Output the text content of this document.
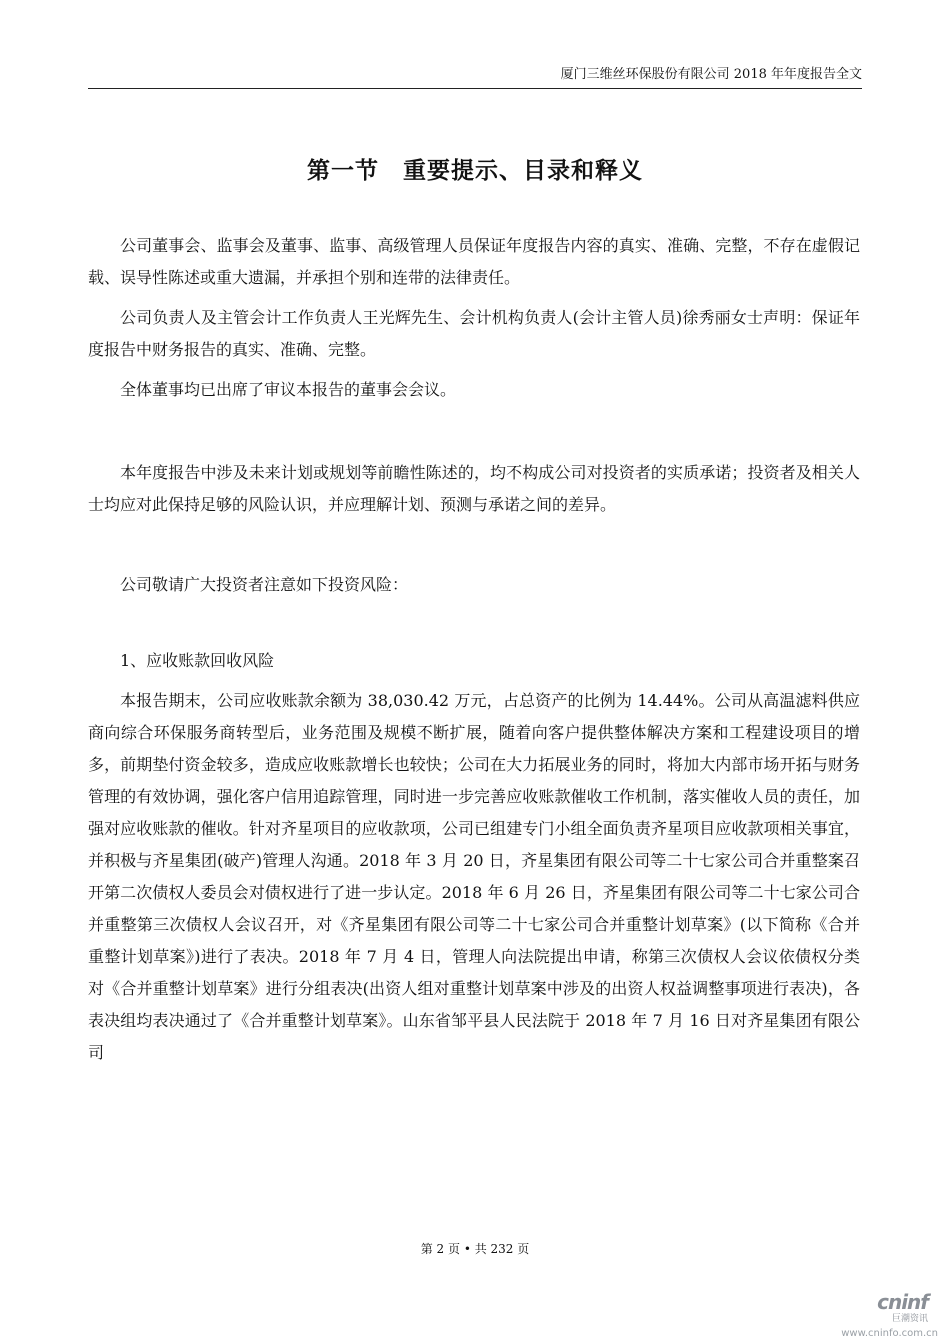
厦门三维丝环保股份有限公司 2018 年年度报告全文
第一节　重要提示、目录和释义

公司董事会、监事会及董事、监事、高级管理人员保证年度报告内容的真实、准确、完整，不存在虚假记载、误导性陈述或重大遗漏，并承担个别和连带的法律责任。

公司负责人及主管会计工作负责人王光辉先生、会计机构负责人(会计主管人员)徐秀丽女士声明：保证年度报告中财务报告的真实、准确、完整。

全体董事均已出席了审议本报告的董事会会议。

本年度报告中涉及未来计划或规划等前瞻性陈述的，均不构成公司对投资者的实质承诺；投资者及相关人士均应对此保持足够的风险认识，并应理解计划、预测与承诺之间的差异。

公司敬请广大投资者注意如下投资风险：

1、应收账款回收风险

本报告期末，公司应收账款余额为 38,030.42 万元，占总资产的比例为 14.44%。公司从高温滤料供应商向综合环保服务商转型后，业务范围及规模不断扩展，随着向客户提供整体解决方案和工程建设项目的增多，前期垫付资金较多，造成应收账款增长也较快；公司在大力拓展业务的同时，将加大内部市场开拓与财务管理的有效协调，强化客户信用追踪管理，同时进一步完善应收账款催收工作机制，落实催收人员的责任，加强对应收账款的催收。针对齐星项目的应收款项，公司已组建专门小组全面负责齐星项目应收款项相关事宜，并积极与齐星集团(破产)管理人沟通。2018 年 3 月 20 日，齐星集团有限公司等二十七家公司合并重整案召开第二次债权人委员会对债权进行了进一步认定。2018 年 6 月 26 日，齐星集团有限公司等二十七家公司合并重整第三次债权人会议召开，对《齐星集团有限公司等二十七家公司合并重整计划草案》(以下简称《合并重整计划草案》)进行了表决。2018 年 7 月 4 日，管理人向法院提出申请，称第三次债权人会议依债权分类对《合并重整计划草案》进行分组表决(出资人组对重整计划草案中涉及的出资人权益调整事项进行表决)，各表决组均表决通过了《合并重整计划草案》。山东省邹平县人民法院于 2018 年 7 月 16 日对齐星集团有限公司

第 2 页 • 共 232 页
cninf
巨潮资讯
www.cninfo.com.cn
